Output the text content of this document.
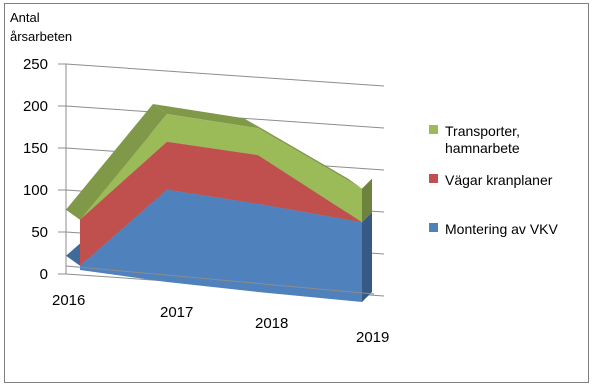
0
50
100
150
200
250
2016
2017
2018
2019
Antal
årsarbeten
Transporter,
hamnarbete
Vägar kranplaner
Montering av VKV
